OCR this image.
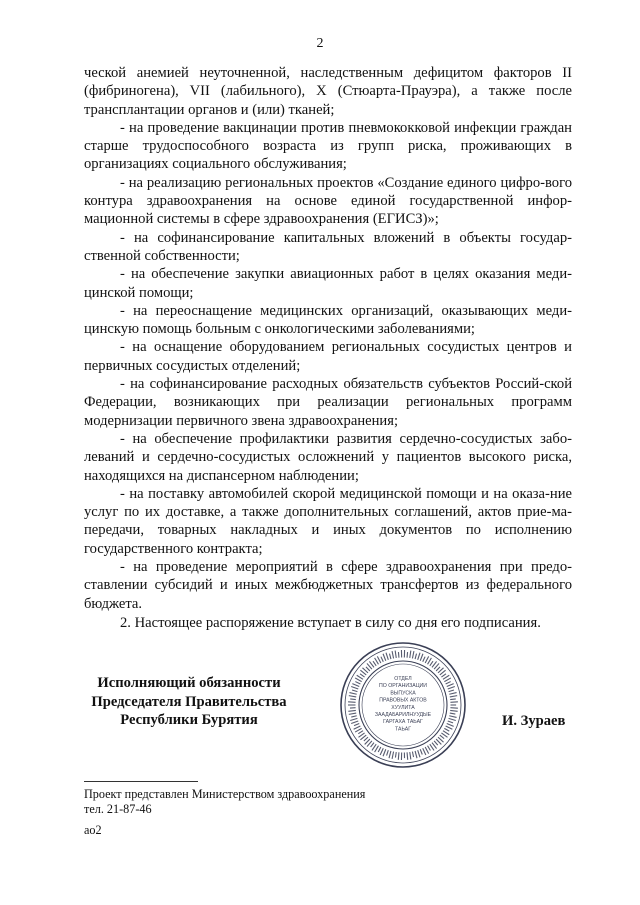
2

ческой анемией неуточненной, наследственным дефицитом факторов II (фибриногена), VII (лабильного), X (Стюарта-Прауэра), а также после трансплантации органов и (или) тканей;

- на проведение вакцинации против пневмококковой инфекции граждан старше трудоспособного возраста из групп риска, проживающих в организациях социального обслуживания;

- на реализацию региональных проектов «Создание единого цифро-вого контура здравоохранения на основе единой государственной инфор-мационной системы в сфере здравоохранения (ЕГИСЗ)»;

- на софинансирование капитальных вложений в объекты государ-ственной собственности;

- на обеспечение закупки авиационных работ в целях оказания меди-цинской помощи;

- на переоснащение медицинских организаций, оказывающих меди-цинскую помощь больным с онкологическими заболеваниями;

- на оснащение оборудованием региональных сосудистых центров и первичных сосудистых отделений;

- на софинансирование расходных обязательств субъектов Россий-ской Федерации, возникающих при реализации региональных программ модернизации первичного звена здравоохранения;

- на обеспечение профилактики развития сердечно-сосудистых забо-леваний и сердечно-сосудистых осложнений у пациентов высокого риска, находящихся на диспансерном наблюдении;

- на поставку автомобилей скорой медицинской помощи и на оказа-ние услуг по их доставке, а также дополнительных соглашений, актов прие-ма-передачи, товарных накладных и иных документов по исполнению государственного контракта;

- на проведение мероприятий в сфере здравоохранения при предо-ставлении субсидий и иных межбюджетных трансфертов из федерального бюджета.

2. Настоящее распоряжение вступает в силу со дня его подписания.
Исполняющий обязанности
Председателя Правительства
Республики Бурятия
ОТДЕЛ
ПО ОРГАНИЗАЦИИ
ВЫПУСКА
ПРАВОВЫХ АКТОВ
ХУУЛИТА
ЗААДАБАРИЛНУУДЫЕ
ГАРГАХА ТАЬАГ
ТАЬАГ
И. Зураев
Проект представлен Министерством здравоохранения
тел. 21-87-46
ао2
